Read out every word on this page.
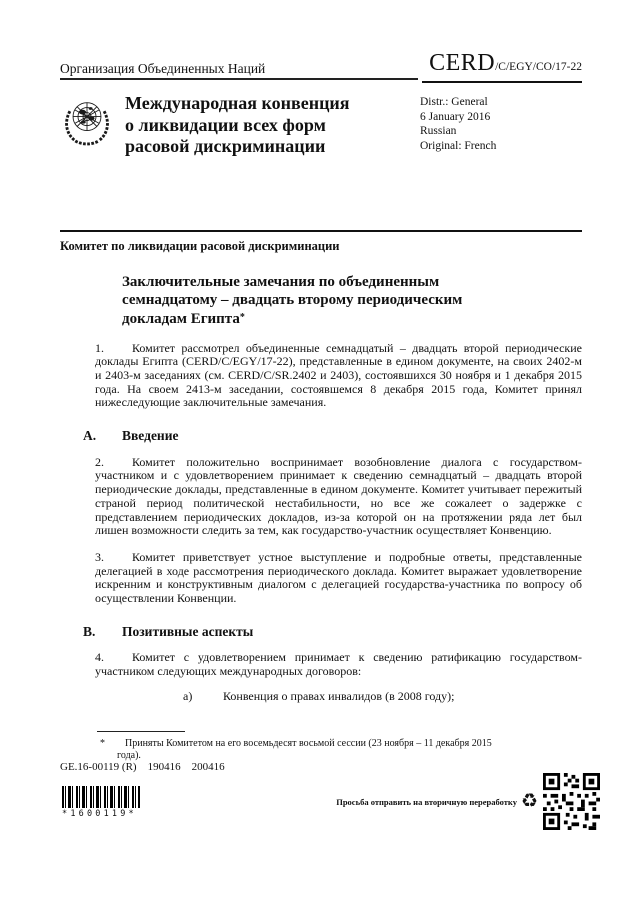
Организация Объединенных Наций	CERD/C/EGY/CO/17-22
Международная конвенция
о ликвидации всех форм
расовой дискриминации
Distr.: General
6 January 2016
Russian
Original: French
Комитет по ликвидации расовой дискриминации
Заключительные замечания по объединенным
семнадцатому – двадцать второму периодическим
докладам Египта*

1. Комитет рассмотрел объединенные семнадцатый – двадцать второй периодические доклады Египта (CERD/C/EGY/17-22), представленные в едином документе, на своих 2402-м и 2403-м заседаниях (см. CERD/C/SR.2402 и 2403), состоявшихся 30 ноября и 1 декабря 2015 года. На своем 2413-м заседании, состоявшемся 8 декабря 2015 года, Комитет принял нижеследующие заключительные замечания.

A. Введение

2. Комитет положительно воспринимает возобновление диалога с государством-участником и с удовлетворением принимает к сведению семнадцатый – двадцать второй периодические доклады, представленные в едином документе. Комитет учитывает пережитый страной период политической нестабильности, но все же сожалеет о задержке с представлением периодических докладов, из-за которой он на протяжении ряда лет был лишен возможности следить за тем, как государство-участник осуществляет Конвенцию.

3. Комитет приветствует устное выступление и подробные ответы, представленные делегацией в ходе рассмотрения периодического доклада. Комитет выражает удовлетворение искренним и конструктивным диалогом с делегацией государства-участника по вопросу об осуществлении Конвенции.

B. Позитивные аспекты

4. Комитет с удовлетворением принимает к сведению ратификацию государством-участником следующих международных договоров:

а)	Конвенция о правах инвалидов (в 2008 году);
* Приняты Комитетом на его восемьдесят восьмой сессии (23 ноября – 11 декабря 2015 года).
GE.16-00119 (R)  190416  200416
*1600119*
Просьба отправить на вторичную переработку ♻
